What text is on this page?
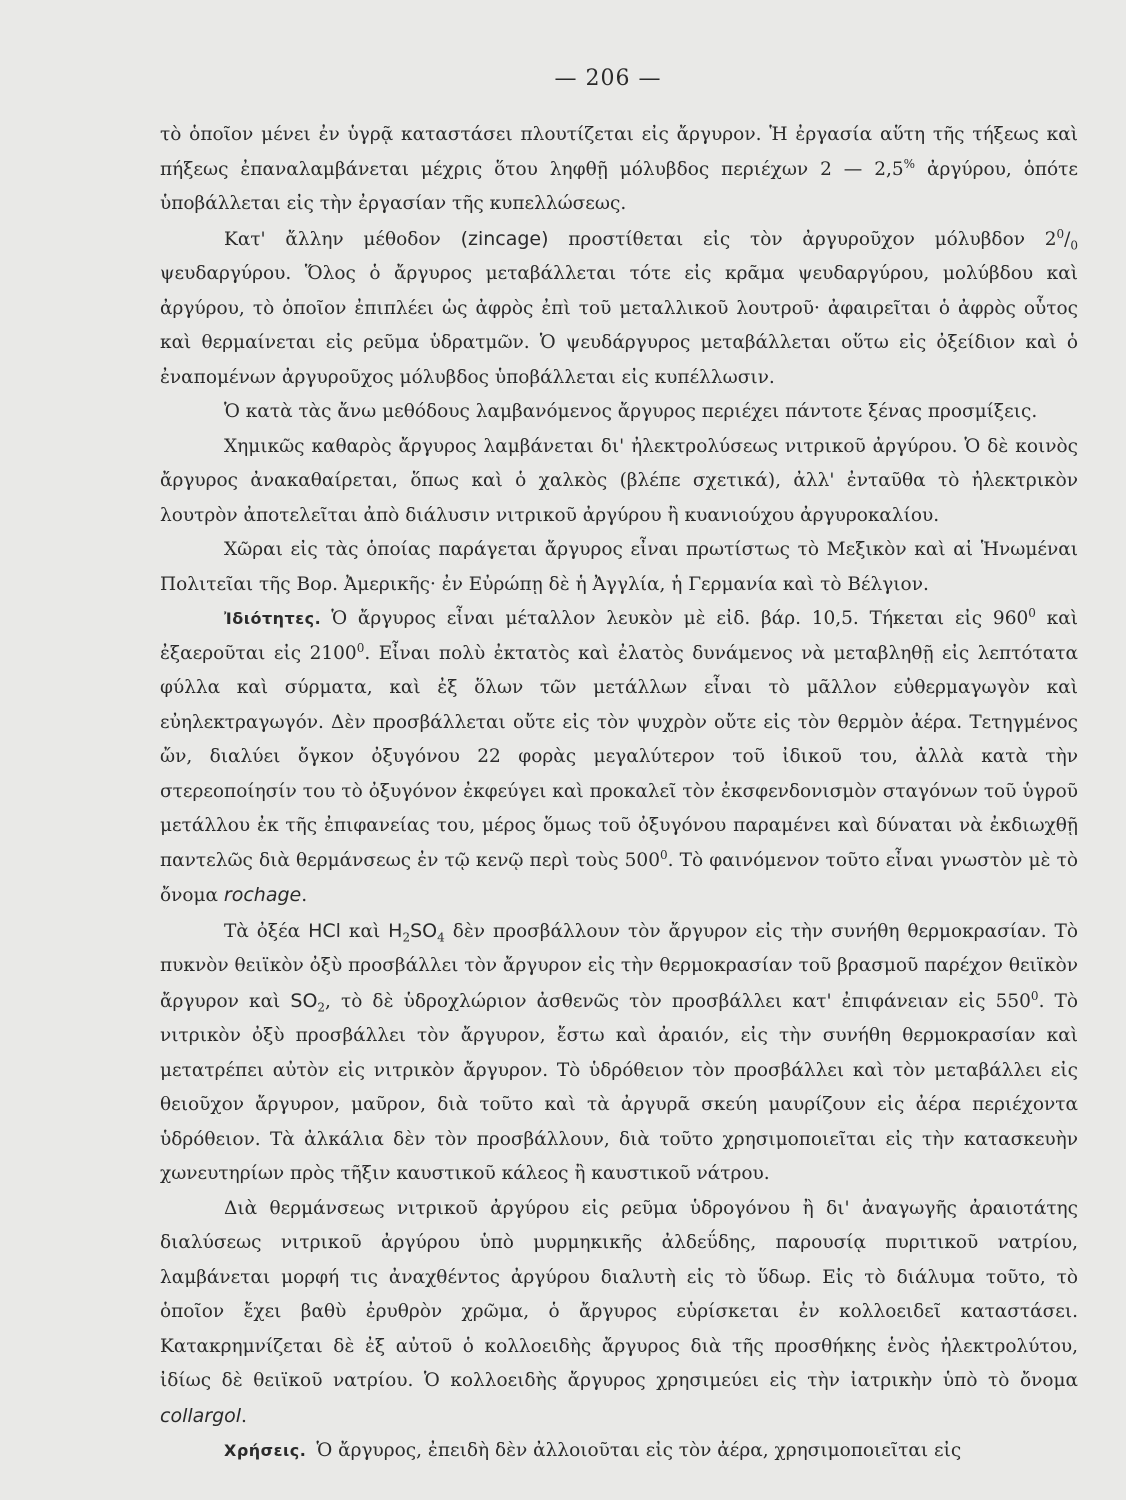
— 206 —

τὸ ὁποῖον μένει ἐν ὑγρᾷ καταστάσει πλουτίζεται εἰς ἄργυρον. Ἡ ἐργασία αὕτη τῆς τήξεως καὶ πήξεως ἐπαναλαμβάνεται μέχρις ὅτου ληφθῇ μόλυβδος περιέχων 2 — 2,5% ἀργύρου, ὁπότε ὑποβάλλεται εἰς τὴν ἐργασίαν τῆς κυπελλώσεως.

Κατ' ἄλλην μέθοδον (zincage) προστίθεται εἰς τὸν ἀργυροῦχον μόλυβδον $2^0/_0$ ψευδαργύρου. Ὅλος ὁ ἄργυρος μεταβάλλεται τότε εἰς κρᾶμα ψευδαργύρου, μολύβδου καὶ ἀργύρου, τὸ ὁποῖον ἐπιπλέει ὡς ἀφρὸς ἐπὶ τοῦ μεταλλικοῦ λουτροῦ· ἀφαιρεῖται ὁ ἀφρὸς οὗτος καὶ θερμαίνεται εἰς ρεῦμα ὑδρατμῶν. Ὁ ψευδάργυρος μεταβάλλεται οὕτω εἰς ὀξείδιον καὶ ὁ ἐναπομένων ἀργυροῦχος μόλυβδος ὑποβάλλεται εἰς κυπέλλωσιν.

Ὁ κατὰ τὰς ἄνω μεθόδους λαμβανόμενος ἄργυρος περιέχει πάντοτε ξένας προσμίξεις.

Χημικῶς καθαρὸς ἄργυρος λαμβάνεται δι' ἠλεκτρολύσεως νιτρικοῦ ἀργύρου. Ὁ δὲ κοινὸς ἄργυρος ἀνακαθαίρεται, ὅπως καὶ ὁ χαλκὸς (βλέπε σχετικά), ἀλλ' ἐνταῦθα τὸ ἠλεκτρικὸν λουτρὸν ἀποτελεῖται ἀπὸ διάλυσιν νιτρικοῦ ἀργύρου ἢ κυανιούχου ἀργυροκαλίου.

Χῶραι εἰς τὰς ὁποίας παράγεται ἄργυρος εἶναι πρωτίστως τὸ Μεξικὸν καὶ αἱ Ἡνωμέναι Πολιτεῖαι τῆς Βορ. Ἀμερικῆς· ἐν Εὐρώπῃ δὲ ἡ Ἀγγλία, ἡ Γερμανία καὶ τὸ Βέλγιον.

Ἰδιότητες. Ὁ ἄργυρος εἶναι μέταλλον λευκὸν μὲ εἰδ. βάρ. 10,5. Τήκεται εἰς $960^0$ καὶ ἐξαεροῦται εἰς 2100$^0$. Εἶναι πολὺ ἐκτατὸς καὶ ἐλατὸς δυνάμενος νὰ μεταβληθῇ εἰς λεπτότατα φύλλα καὶ σύρματα, καὶ ἐξ ὅλων τῶν μετάλλων εἶναι τὸ μᾶλλον εὐθερμαγωγὸν καὶ εὐηλεκτραγωγόν. Δὲν προσβάλλεται οὔτε εἰς τὸν ψυχρὸν οὔτε εἰς τὸν θερμὸν ἀέρα. Τετηγμένος ὤν, διαλύει ὄγκον ὀξυγόνου 22 φορὰς μεγαλύτερον τοῦ ἰδικοῦ του, ἀλλὰ κατὰ τὴν στερεοποίησίν του τὸ ὀξυγόνον ἐκφεύγει καὶ προκαλεῖ τὸν ἐκσφενδονισμὸν σταγόνων τοῦ ὑγροῦ μετάλλου ἐκ τῆς ἐπιφανείας του, μέρος ὅμως τοῦ ὀξυγόνου παραμένει καὶ δύναται νὰ ἐκδιωχθῇ παντελῶς διὰ θερμάνσεως ἐν τῷ κενῷ περὶ τοὺς $500^0$. Τὸ φαινόμενον τοῦτο εἶναι γνωστὸν μὲ τὸ ὄνομα rochage.

Τὰ ὀξέα HCl καὶ $H_2SO_4$ δὲν προσβάλλουν τὸν ἄργυρον εἰς τὴν συνήθη θερμοκρασίαν. Τὸ πυκνὸν θειϊκὸν ὀξὺ προσβάλλει τὸν ἄργυρον εἰς τὴν θερμοκρασίαν τοῦ βρασμοῦ παρέχον θειϊκὸν ἄργυρον καὶ $SO_2$, τὸ δὲ ὑδροχλώριον ἀσθενῶς τὸν προσβάλλει κατ' ἐπιφάνειαν εἰς $550^0$. Τὸ νιτρικὸν ὀξὺ προσβάλλει τὸν ἄργυρον, ἔστω καὶ ἀραιόν, εἰς τὴν συνήθη θερμοκρασίαν καὶ μετατρέπει αὐτὸν εἰς νιτρικὸν ἄργυρον. Τὸ ὑδρόθειον τὸν προσβάλλει καὶ τὸν μεταβάλλει εἰς θειοῦχον ἄργυρον, μαῦρον, διὰ τοῦτο καὶ τὰ ἀργυρᾶ σκεύη μαυρίζουν εἰς ἀέρα περιέχοντα ὑδρόθειον. Τὰ ἀλκάλια δὲν τὸν προσβάλλουν, διὰ τοῦτο χρησιμοποιεῖται εἰς τὴν κατασκευὴν χωνευτηρίων πρὸς τῆξιν καυστικοῦ κάλεος ἢ καυστικοῦ νάτρου.

Διὰ θερμάνσεως νιτρικοῦ ἀργύρου εἰς ρεῦμα ὑδρογόνου ἢ δι' ἀναγωγῆς ἀραιοτάτης διαλύσεως νιτρικοῦ ἀργύρου ὑπὸ μυρμηκικῆς ἀλδεΰδης, παρουσίᾳ πυριτικοῦ νατρίου, λαμβάνεται μορφή τις ἀναχθέντος ἀργύρου διαλυτὴ εἰς τὸ ὕδωρ. Εἰς τὸ διάλυμα τοῦτο, τὸ ὁποῖον ἔχει βαθὺ ἐρυθρὸν χρῶμα, ὁ ἄργυρος εὑρίσκεται ἐν κολλοειδεῖ καταστάσει. Κατακρημνίζεται δὲ ἐξ αὐτοῦ ὁ κολλοειδὴς ἄργυρος διὰ τῆς προσθήκης ἑνὸς ἠλεκτρολύτου, ἰδίως δὲ θειϊκοῦ νατρίου. Ὁ κολλοειδὴς ἄργυρος χρησιμεύει εἰς τὴν ἰατρικὴν ὑπὸ τὸ ὄνομα collargol.

Χρήσεις. Ὁ ἄργυρος, ἐπειδὴ δὲν ἀλλοιοῦται εἰς τὸν ἀέρα, χρησιμοποιεῖται εἰς
